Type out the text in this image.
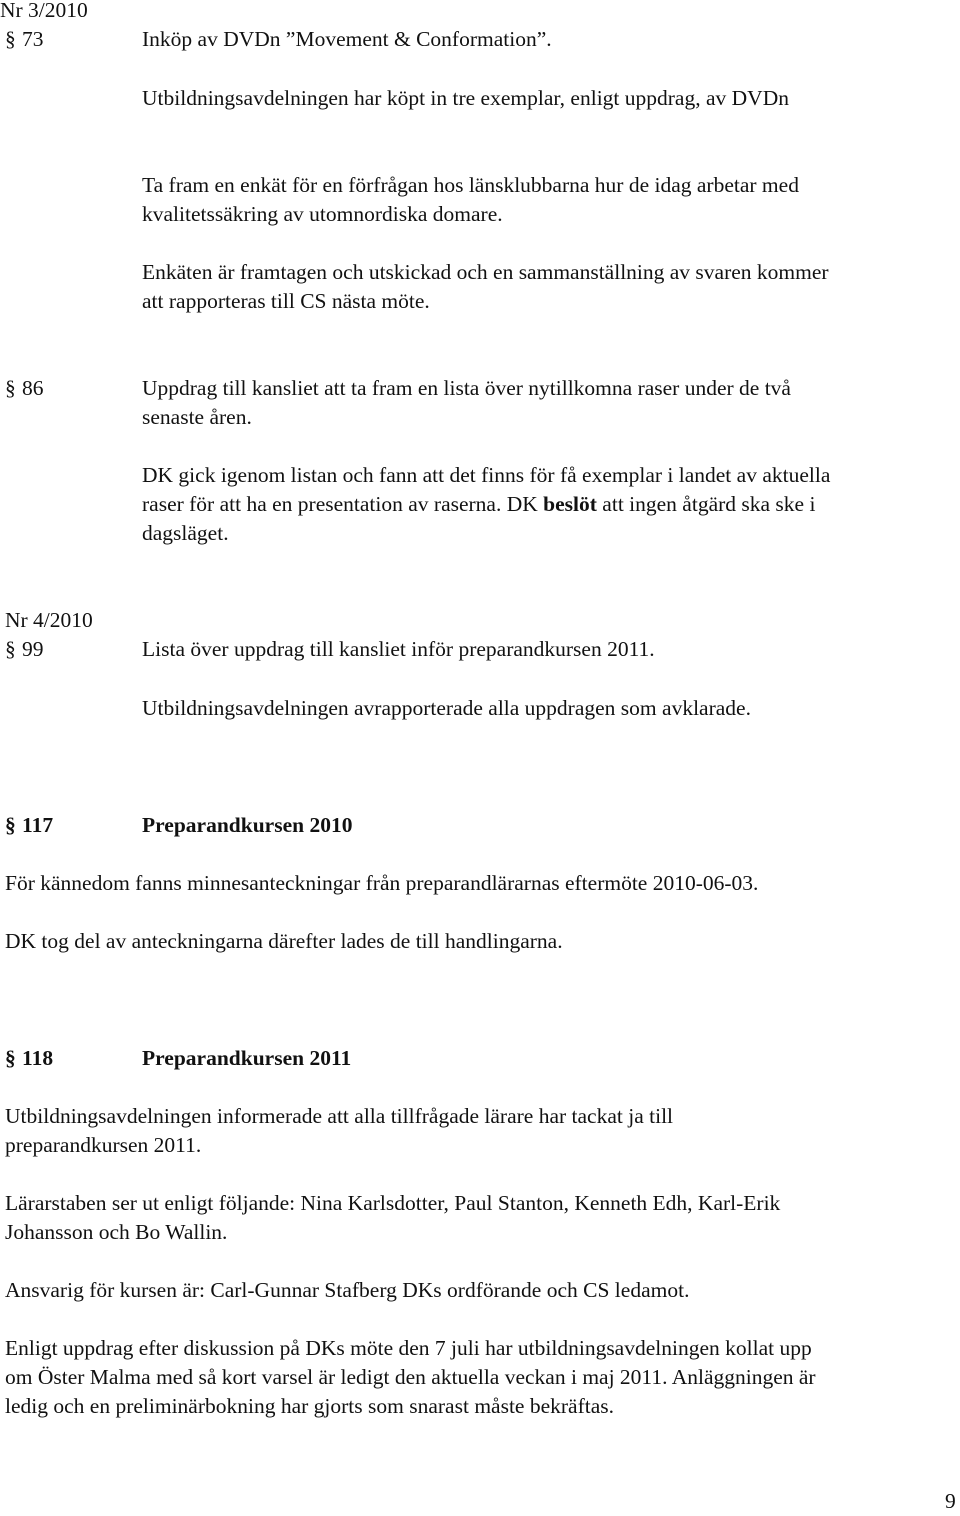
Nr 3/2010
§ 73	Inköp av DVDn ”Movement & Conformation”.
Utbildningsavdelningen har köpt in tre exemplar, enligt uppdrag, av DVDn
Ta fram en enkät för en förfrågan hos länsklubbarna hur de idag arbetar med
kvalitetssäkring av utomnordiska domare.
Enkäten är framtagen och utskickad och en sammanställning av svaren kommer
att rapporteras till CS nästa möte.
§ 86	Uppdrag till kansliet att ta fram en lista över nytillkomna raser under de två
senaste åren.
DK gick igenom listan och fann att det finns för få exemplar i landet av aktuella
raser för att ha en presentation av raserna. DK beslöt att ingen åtgärd ska ske i
dagsläget.
Nr 4/2010
§ 99	Lista över uppdrag till kansliet inför preparandkursen 2011.
Utbildningsavdelningen avrapporterade alla uppdragen som avklarade.
§ 117	Preparandkursen 2010
För kännedom fanns minnesanteckningar från preparandlärarnas eftermöte 2010-06-03.
DK tog del av anteckningarna därefter lades de till handlingarna.
§ 118	Preparandkursen 2011
Utbildningsavdelningen informerade att alla tillfrågade lärare har tackat ja till
preparandkursen 2011.
Lärarstaben ser ut enligt följande: Nina Karlsdotter, Paul Stanton, Kenneth Edh, Karl-Erik
Johansson och Bo Wallin.
Ansvarig för kursen är: Carl-Gunnar Stafberg DKs ordförande och CS ledamot.
Enligt uppdrag efter diskussion på DKs möte den 7 juli har utbildningsavdelningen kollat upp
om Öster Malma med så kort varsel är ledigt den aktuella veckan i maj 2011. Anläggningen är
ledig och en preliminärbokning har gjorts som snarast måste bekräftas.
9
